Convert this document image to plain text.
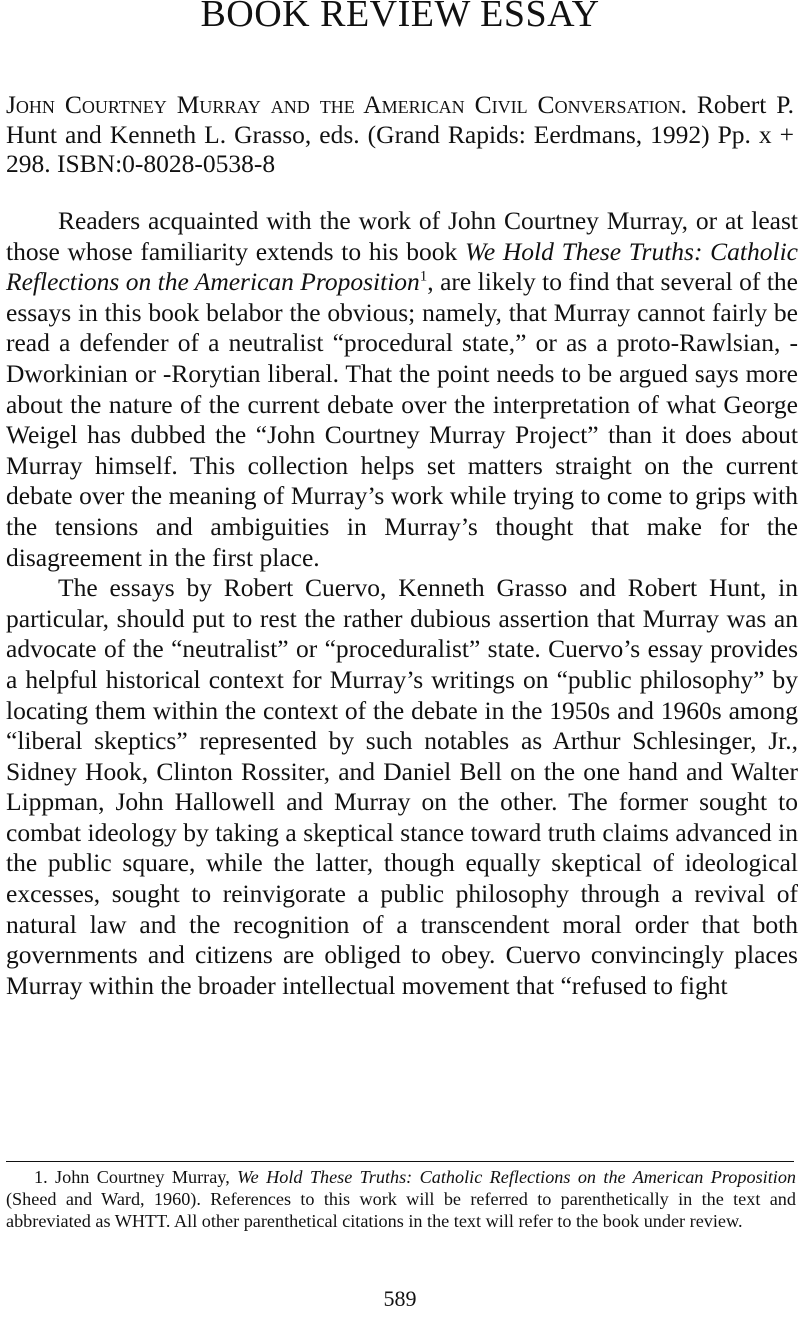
BOOK REVIEW ESSAY
John Courtney Murray and the American Civil Conversation. Robert P. Hunt and Kenneth L. Grasso, eds. (Grand Rapids: Eerdmans, 1992) Pp. x + 298. ISBN:0-8028-0538-8

Readers acquainted with the work of John Courtney Murray, or at least those whose familiarity extends to his book We Hold These Truths: Catholic Reflections on the American Proposition$^1$, are likely to find that several of the essays in this book belabor the obvious; namely, that Murray cannot fairly be read a defender of a neutralist “procedural state,” or as a proto-Rawlsian, -Dworkinian or -Rorytian liberal. That the point needs to be argued says more about the nature of the current debate over the interpretation of what George Weigel has dubbed the “John Courtney Murray Project” than it does about Murray himself. This collection helps set matters straight on the current debate over the meaning of Murray’s work while trying to come to grips with the tensions and ambiguities in Murray’s thought that make for the disagreement in the first place.

The essays by Robert Cuervo, Kenneth Grasso and Robert Hunt, in particular, should put to rest the rather dubious assertion that Murray was an advocate of the “neutralist” or “proceduralist” state. Cuervo’s essay provides a helpful historical context for Murray’s writings on “public philosophy” by locating them within the context of the debate in the 1950s and 1960s among “liberal skeptics” represented by such notables as Arthur Schlesinger, Jr., Sidney Hook, Clinton Rossiter, and Daniel Bell on the one hand and Walter Lippman, John Hallowell and Murray on the other. The former sought to combat ideology by taking a skeptical stance toward truth claims advanced in the public square, while the latter, though equally skeptical of ideological excesses, sought to reinvigorate a public philosophy through a revival of natural law and the recognition of a transcendent moral order that both governments and citizens are obliged to obey. Cuervo convincingly places Murray within the broader intellectual movement that “refused to fight

1. John Courtney Murray, We Hold These Truths: Catholic Reflections on the American Proposition (Sheed and Ward, 1960). References to this work will be referred to parenthetically in the text and abbreviated as WHTT. All other parenthetical citations in the text will refer to the book under review.

589
